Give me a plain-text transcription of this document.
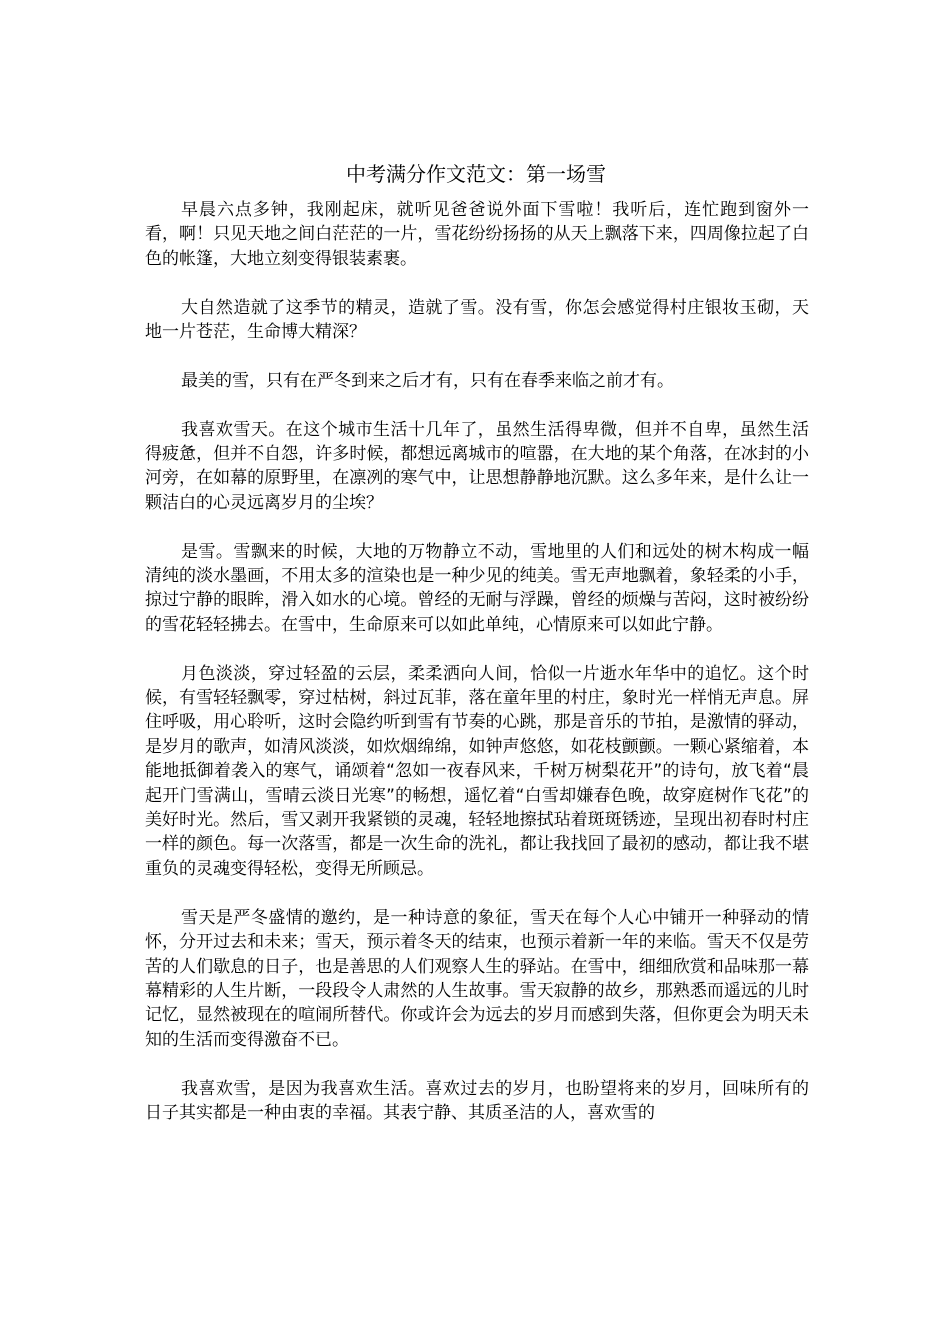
中考满分作文范文：第一场雪

早晨六点多钟，我刚起床，就听见爸爸说外面下雪啦！我听后，连忙跑到窗外一看，啊！只见天地之间白茫茫的一片，雪花纷纷扬扬的从天上飘落下来，四周像拉起了白色的帐篷，大地立刻变得银装素裹。

大自然造就了这季节的精灵，造就了雪。没有雪，你怎会感觉得村庄银妆玉砌，天地一片苍茫，生命博大精深？

最美的雪，只有在严冬到来之后才有，只有在春季来临之前才有。

我喜欢雪天。在这个城市生活十几年了，虽然生活得卑微，但并不自卑，虽然生活得疲惫，但并不自怨，许多时候，都想远离城市的喧嚣，在大地的某个角落，在冰封的小河旁，在如幕的原野里，在凛冽的寒气中，让思想静静地沉默。这么多年来，是什么让一颗洁白的心灵远离岁月的尘埃？

是雪。雪飘来的时候，大地的万物静立不动，雪地里的人们和远处的树木构成一幅清纯的淡水墨画，不用太多的渲染也是一种少见的纯美。雪无声地飘着，象轻柔的小手，掠过宁静的眼眸，滑入如水的心境。曾经的无耐与浮躁，曾经的烦燥与苦闷，这时被纷纷的雪花轻轻拂去。在雪中，生命原来可以如此单纯，心情原来可以如此宁静。

月色淡淡，穿过轻盈的云层，柔柔洒向人间，恰似一片逝水年华中的追忆。这个时候，有雪轻轻飘零，穿过枯树，斜过瓦菲，落在童年里的村庄，象时光一样悄无声息。屏住呼吸，用心聆听，这时会隐约听到雪有节奏的心跳，那是音乐的节拍，是激情的驿动，是岁月的歌声，如清风淡淡，如炊烟绵绵，如钟声悠悠，如花枝颤颤。一颗心紧缩着，本能地抵御着袭入的寒气，诵颂着“忽如一夜春风来，千树万树梨花开”的诗句，放飞着“晨起开门雪满山，雪晴云淡日光寒”的畅想，遥忆着“白雪却嫌春色晚，故穿庭树作飞花”的美好时光。然后，雪又剥开我紧锁的灵魂，轻轻地擦拭玷着斑斑锈迹，呈现出初春时村庄一样的颜色。每一次落雪，都是一次生命的洗礼，都让我找回了最初的感动，都让我不堪重负的灵魂变得轻松，变得无所顾忌。

雪天是严冬盛情的邀约，是一种诗意的象征，雪天在每个人心中铺开一种驿动的情怀，分开过去和未来；雪天，预示着冬天的结束，也预示着新一年的来临。雪天不仅是劳苦的人们歇息的日子，也是善思的人们观察人生的驿站。在雪中，细细欣赏和品味那一幕幕精彩的人生片断，一段段令人肃然的人生故事。雪天寂静的故乡，那熟悉而遥远的儿时记忆，显然被现在的喧闹所替代。你或许会为远去的岁月而感到失落，但你更会为明天未知的生活而变得激奋不已。

我喜欢雪，是因为我喜欢生活。喜欢过去的岁月，也盼望将来的岁月，回味所有的日子其实都是一种由衷的幸福。其表宁静、其质圣洁的人，喜欢雪的
